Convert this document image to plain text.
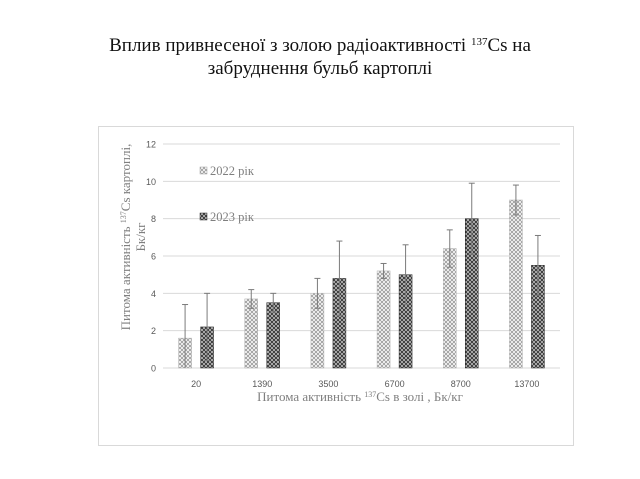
Вплив привнесеної з золою радіоактивності $^{137}$Cs на
забруднення бульб картоплі
0
2
4
6
8
10
12
20	1390	3500	6700	8700	13700
2022 рік
2023 рік
Питома активність $^{137}$Cs картоплі,
Бк/кг
Питома активність $^{137}$Cs в золі , Бк/кг
